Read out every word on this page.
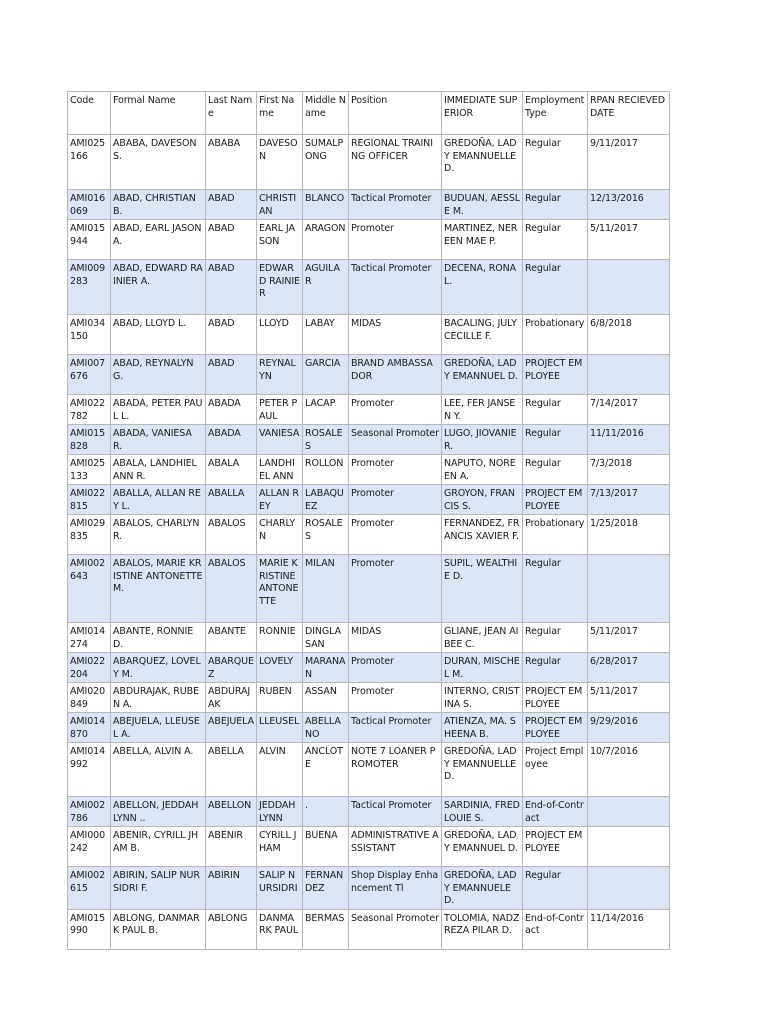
Code	Formal Name	Last Name	First Name	Middle Name	Position	IMMEDIATE SUPERIOR	Employment Type	RPAN RECIEVED DATE
AMI025166	ABABA, DAVESON S.	ABABA	DAVESON	SUMALPONG	REGIONAL TRAINING OFFICER	GREDOÑA, LADY EMANNUELLE D.	Regular	9/11/2017
AMI016069	ABAD, CHRISTIAN B.	ABAD	CHRISTIAN	BLANCO	Tactical Promoter	BUDUAN, AESSLE M.	Regular	12/13/2016
AMI015944	ABAD, EARL JASON A.	ABAD	EARL JASON	ARAGON	Promoter	MARTINEZ, NEREEN MAE P.	Regular	5/11/2017
AMI009283	ABAD, EDWARD RAINIER A.	ABAD	EDWARD RAINIER	AGUILAR	Tactical Promoter	DECENA, RONA L.	Regular	
AMI034150	ABAD, LLOYD L.	ABAD	LLOYD	LABAY	MIDAS	BACALING, JULY CECILLE F.	Probationary	6/8/2018
AMI007676	ABAD, REYNALYN G.	ABAD	REYNALYN	GARCIA	BRAND AMBASSADOR	GREDOÑA, LADY EMANNUEL D.	PROJECT EMPLOYEE	
AMI022782	ABADA, PETER PAUL L.	ABADA	PETER PAUL	LACAP	Promoter	LEE, FER JANSEN Y.	Regular	7/14/2017
AMI015828	ABADA, VANIESA R.	ABADA	VANIESA	ROSALES	Seasonal Promoter	LUGO, JIOVANIE R.	Regular	11/11/2016
AMI025133	ABALA, LANDHIEL ANN R.	ABALA	LANDHIEL ANN	ROLLON	Promoter	NAPUTO, NOREEN A.	Regular	7/3/2018
AMI022815	ABALLA, ALLAN REY L.	ABALLA	ALLAN REY	LABAQUEZ	Promoter	GROYON, FRANCIS S.	PROJECT EMPLOYEE	7/13/2017
AMI029835	ABALOS, CHARLYN R.	ABALOS	CHARLYN	ROSALES	Promoter	FERNANDEZ, FRANCIS XAVIER F.	Probationary	1/25/2018
AMI002643	ABALOS, MARIE KRISTINE ANTONETTE M.	ABALOS	MARIE KRISTINE ANTONETTE	MILAN	Promoter	SUPIL, WEALTHIE D.	Regular	
AMI014274	ABANTE, RONNIE D.	ABANTE	RONNIE	DINGLASAN	MIDAS	GLIANE, JEAN AIBEE C.	Regular	5/11/2017
AMI022204	ABARQUEZ, LOVELY M.	ABARQUEZ	LOVELY	MARANAN	Promoter	DURAN, MISCHEL M.	Regular	6/28/2017
AMI020849	ABDURAJAK, RUBEN A.	ABDURAJAK	RUBEN	ASSAN	Promoter	INTERNO, CRISTINA S.	PROJECT EMPLOYEE	5/11/2017
AMI014870	ABEJUELA, LLEUSEL A.	ABEJUELA	LLEUSEL	ABELLANO	Tactical Promoter	ATIENZA, MA. SHEENA B.	PROJECT EMPLOYEE	9/29/2016
AMI014992	ABELLA, ALVIN A.	ABELLA	ALVIN	ANCLOTE	NOTE 7 LOANER PROMOTER	GREDOÑA, LADY EMANNUELLE D.	Project Employee	10/7/2016
AMI002786	ABELLON, JEDDAH LYNN ..	ABELLON	JEDDAH LYNN	.	Tactical Promoter	SARDINIA, FRED LOUIE S.	End-of-Contract	
AMI000242	ABENIR, CYRILL JHAM B.	ABENIR	CYRILL JHAM	BUENA	ADMINISTRATIVE ASSISTANT	GREDOÑA, LADY EMANNUEL D.	PROJECT EMPLOYEE	
AMI002615	ABIRIN, SALIP NURSIDRI F.	ABIRIN	SALIP NURSIDRI	FERNANDEZ	Shop Display Enhancement Tl	GREDOÑA, LADY EMANNUELE D.	Regular	
AMI015990	ABLONG, DANMARK PAUL B.	ABLONG	DANMARK PAUL	BERMAS	Seasonal Promoter	TOLOMIA, NADZREZA PILAR D.	End-of-Contract	11/14/2016
